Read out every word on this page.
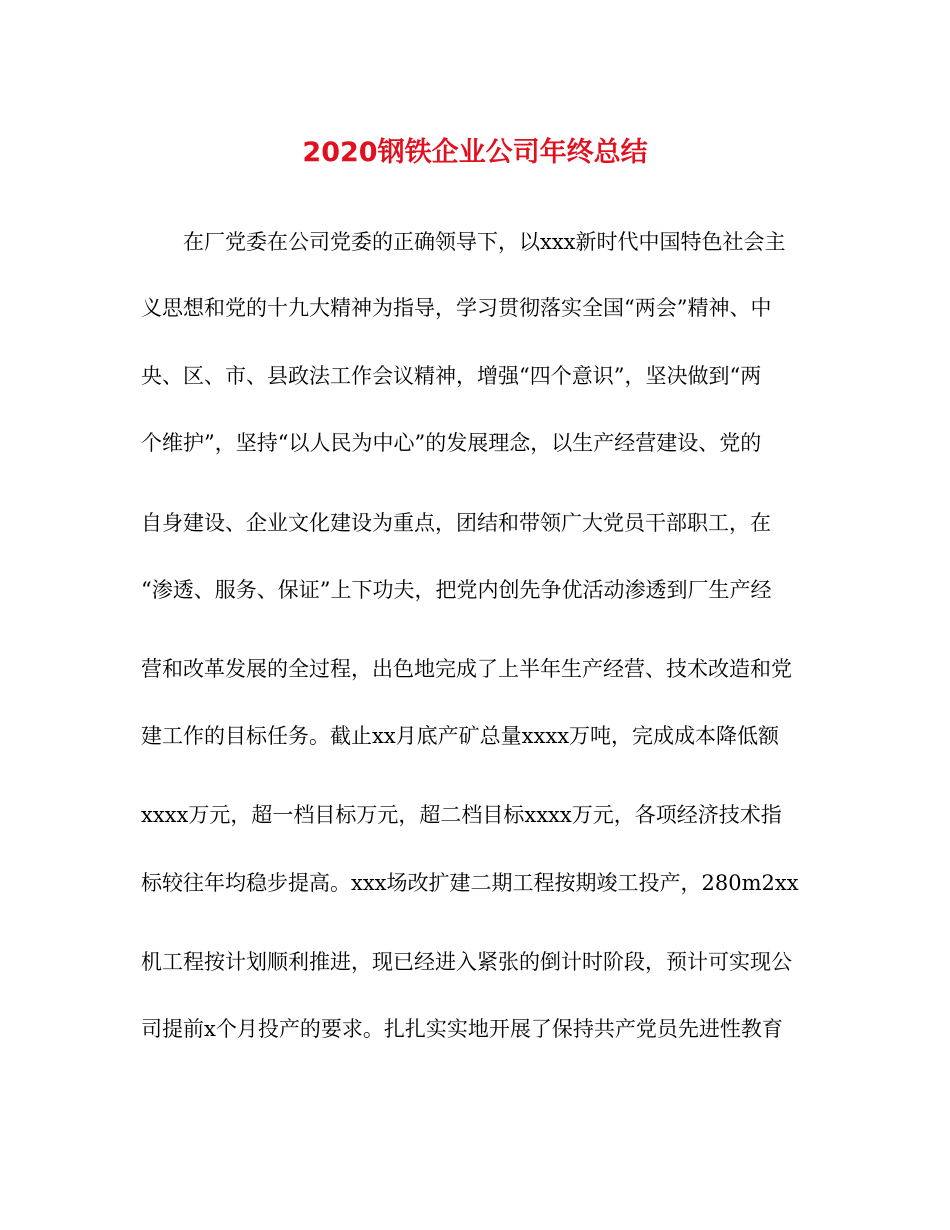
2020钢铁企业公司年终总结
在厂党委在公司党委的正确领导下，以xxx新时代中国特色社会主
义思想和党的十九大精神为指导，学习贯彻落实全国“两会”精神、中
央、区、市、县政法工作会议精神，增强“四个意识”，坚决做到“两
个维护”，坚持“以人民为中心”的发展理念，以生产经营建设、党的
自身建设、企业文化建设为重点，团结和带领广大党员干部职工，在
“渗透、服务、保证”上下功夫，把党内创先争优活动渗透到厂生产经
营和改革发展的全过程，出色地完成了上半年生产经营、技术改造和党
建工作的目标任务。截止xx月底产矿总量xxxx万吨，完成成本降低额
xxxx万元，超一档目标万元，超二档目标xxxx万元，各项经济技术指
标较往年均稳步提高。xxx场改扩建二期工程按期竣工投产，280m2xx
机工程按计划顺利推进，现已经进入紧张的倒计时阶段，预计可实现公
司提前x个月投产的要求。扎扎实实地开展了保持共产党员先进性教育
